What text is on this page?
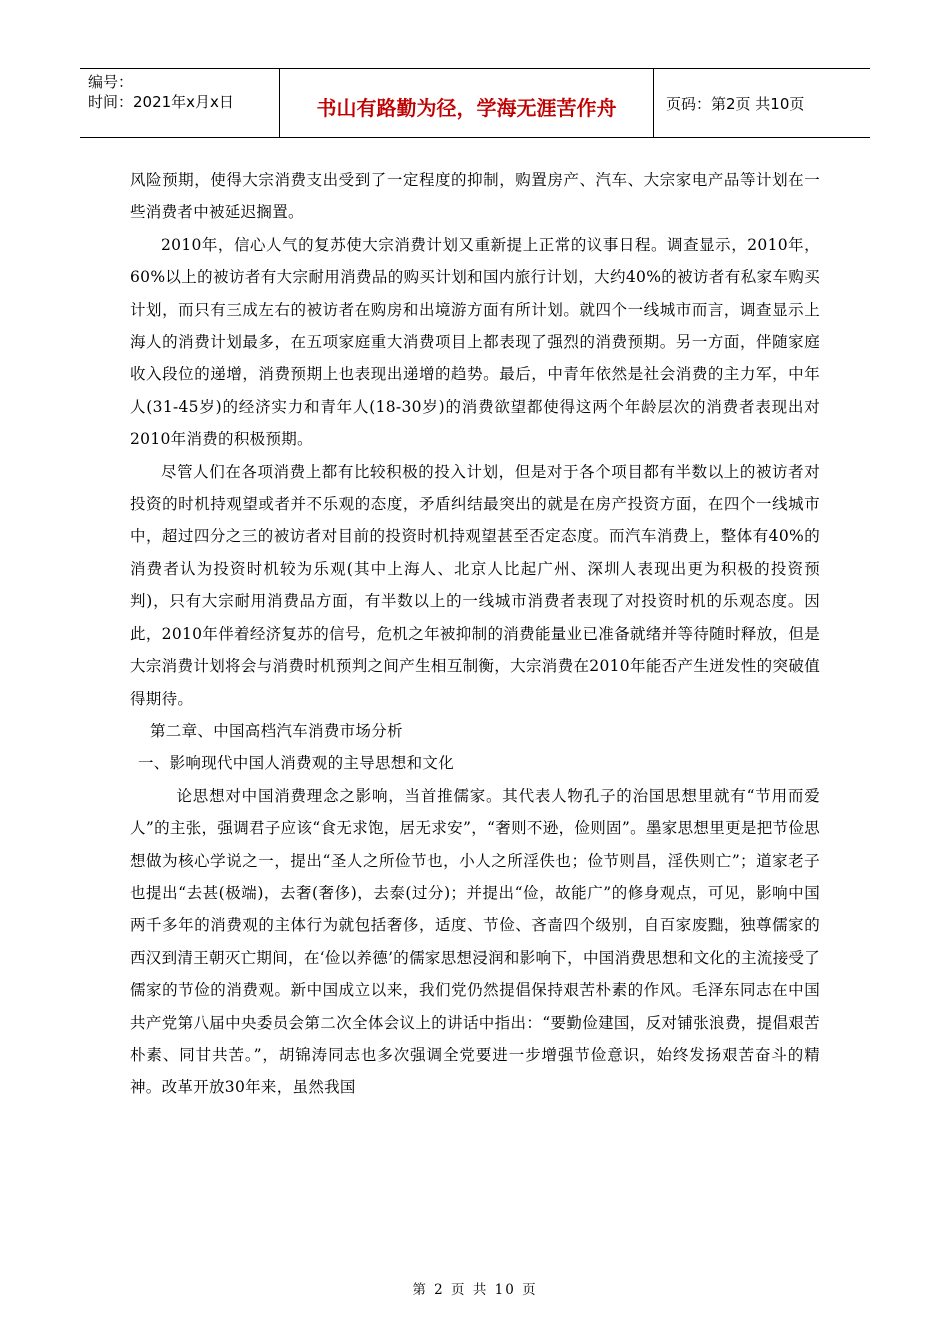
编号：
时间：2021年x月x日	书山有路勤为径，学海无涯苦作舟	页码：第2页 共10页

风险预期，使得大宗消费支出受到了一定程度的抑制，购置房产、汽车、大宗家电产品等计划在一些消费者中被延迟搁置。

2010年，信心人气的复苏使大宗消费计划又重新提上正常的议事日程。调查显示，2010年，60%以上的被访者有大宗耐用消费品的购买计划和国内旅行计划，大约40%的被访者有私家车购买计划，而只有三成左右的被访者在购房和出境游方面有所计划。就四个一线城市而言，调查显示上海人的消费计划最多，在五项家庭重大消费项目上都表现了强烈的消费预期。另一方面，伴随家庭收入段位的递增，消费预期上也表现出递增的趋势。最后，中青年依然是社会消费的主力军，中年人(31-45岁)的经济实力和青年人(18-30岁)的消费欲望都使得这两个年龄层次的消费者表现出对2010年消费的积极预期。

尽管人们在各项消费上都有比较积极的投入计划，但是对于各个项目都有半数以上的被访者对投资的时机持观望或者并不乐观的态度，矛盾纠结最突出的就是在房产投资方面，在四个一线城市中，超过四分之三的被访者对目前的投资时机持观望甚至否定态度。而汽车消费上，整体有40%的消费者认为投资时机较为乐观(其中上海人、北京人比起广州、深圳人表现出更为积极的投资预判)，只有大宗耐用消费品方面，有半数以上的一线城市消费者表现了对投资时机的乐观态度。因此，2010年伴着经济复苏的信号，危机之年被抑制的消费能量业已准备就绪并等待随时释放，但是大宗消费计划将会与消费时机预判之间产生相互制衡，大宗消费在2010年能否产生迸发性的突破值得期待。

第二章、中国高档汽车消费市场分析

一、影响现代中国人消费观的主导思想和文化

论思想对中国消费理念之影响，当首推儒家。其代表人物孔子的治国思想里就有“节用而爱人”的主张，强调君子应该“食无求饱，居无求安”，“奢则不逊，俭则固”。墨家思想里更是把节俭思想做为核心学说之一，提出“圣人之所俭节也，小人之所淫佚也；俭节则昌，淫佚则亡”；道家老子也提出“去甚(极端)，去奢(奢侈)，去泰(过分)；并提出“俭，故能广”的修身观点，可见，影响中国两千多年的消费观的主体行为就包括奢侈，适度、节俭、吝啬四个级别，自百家废黜，独尊儒家的西汉到清王朝灭亡期间，在‘俭以养德’的儒家思想浸润和影响下，中国消费思想和文化的主流接受了儒家的节俭的消费观。新中国成立以来，我们党仍然提倡保持艰苦朴素的作风。毛泽东同志在中国共产党第八届中央委员会第二次全体会议上的讲话中指出：“要勤俭建国，反对铺张浪费，提倡艰苦朴素、同甘共苦。”，胡锦涛同志也多次强调全党要进一步增强节俭意识，始终发扬艰苦奋斗的精神。改革开放30年来，虽然我国

第 2 页 共 10 页
